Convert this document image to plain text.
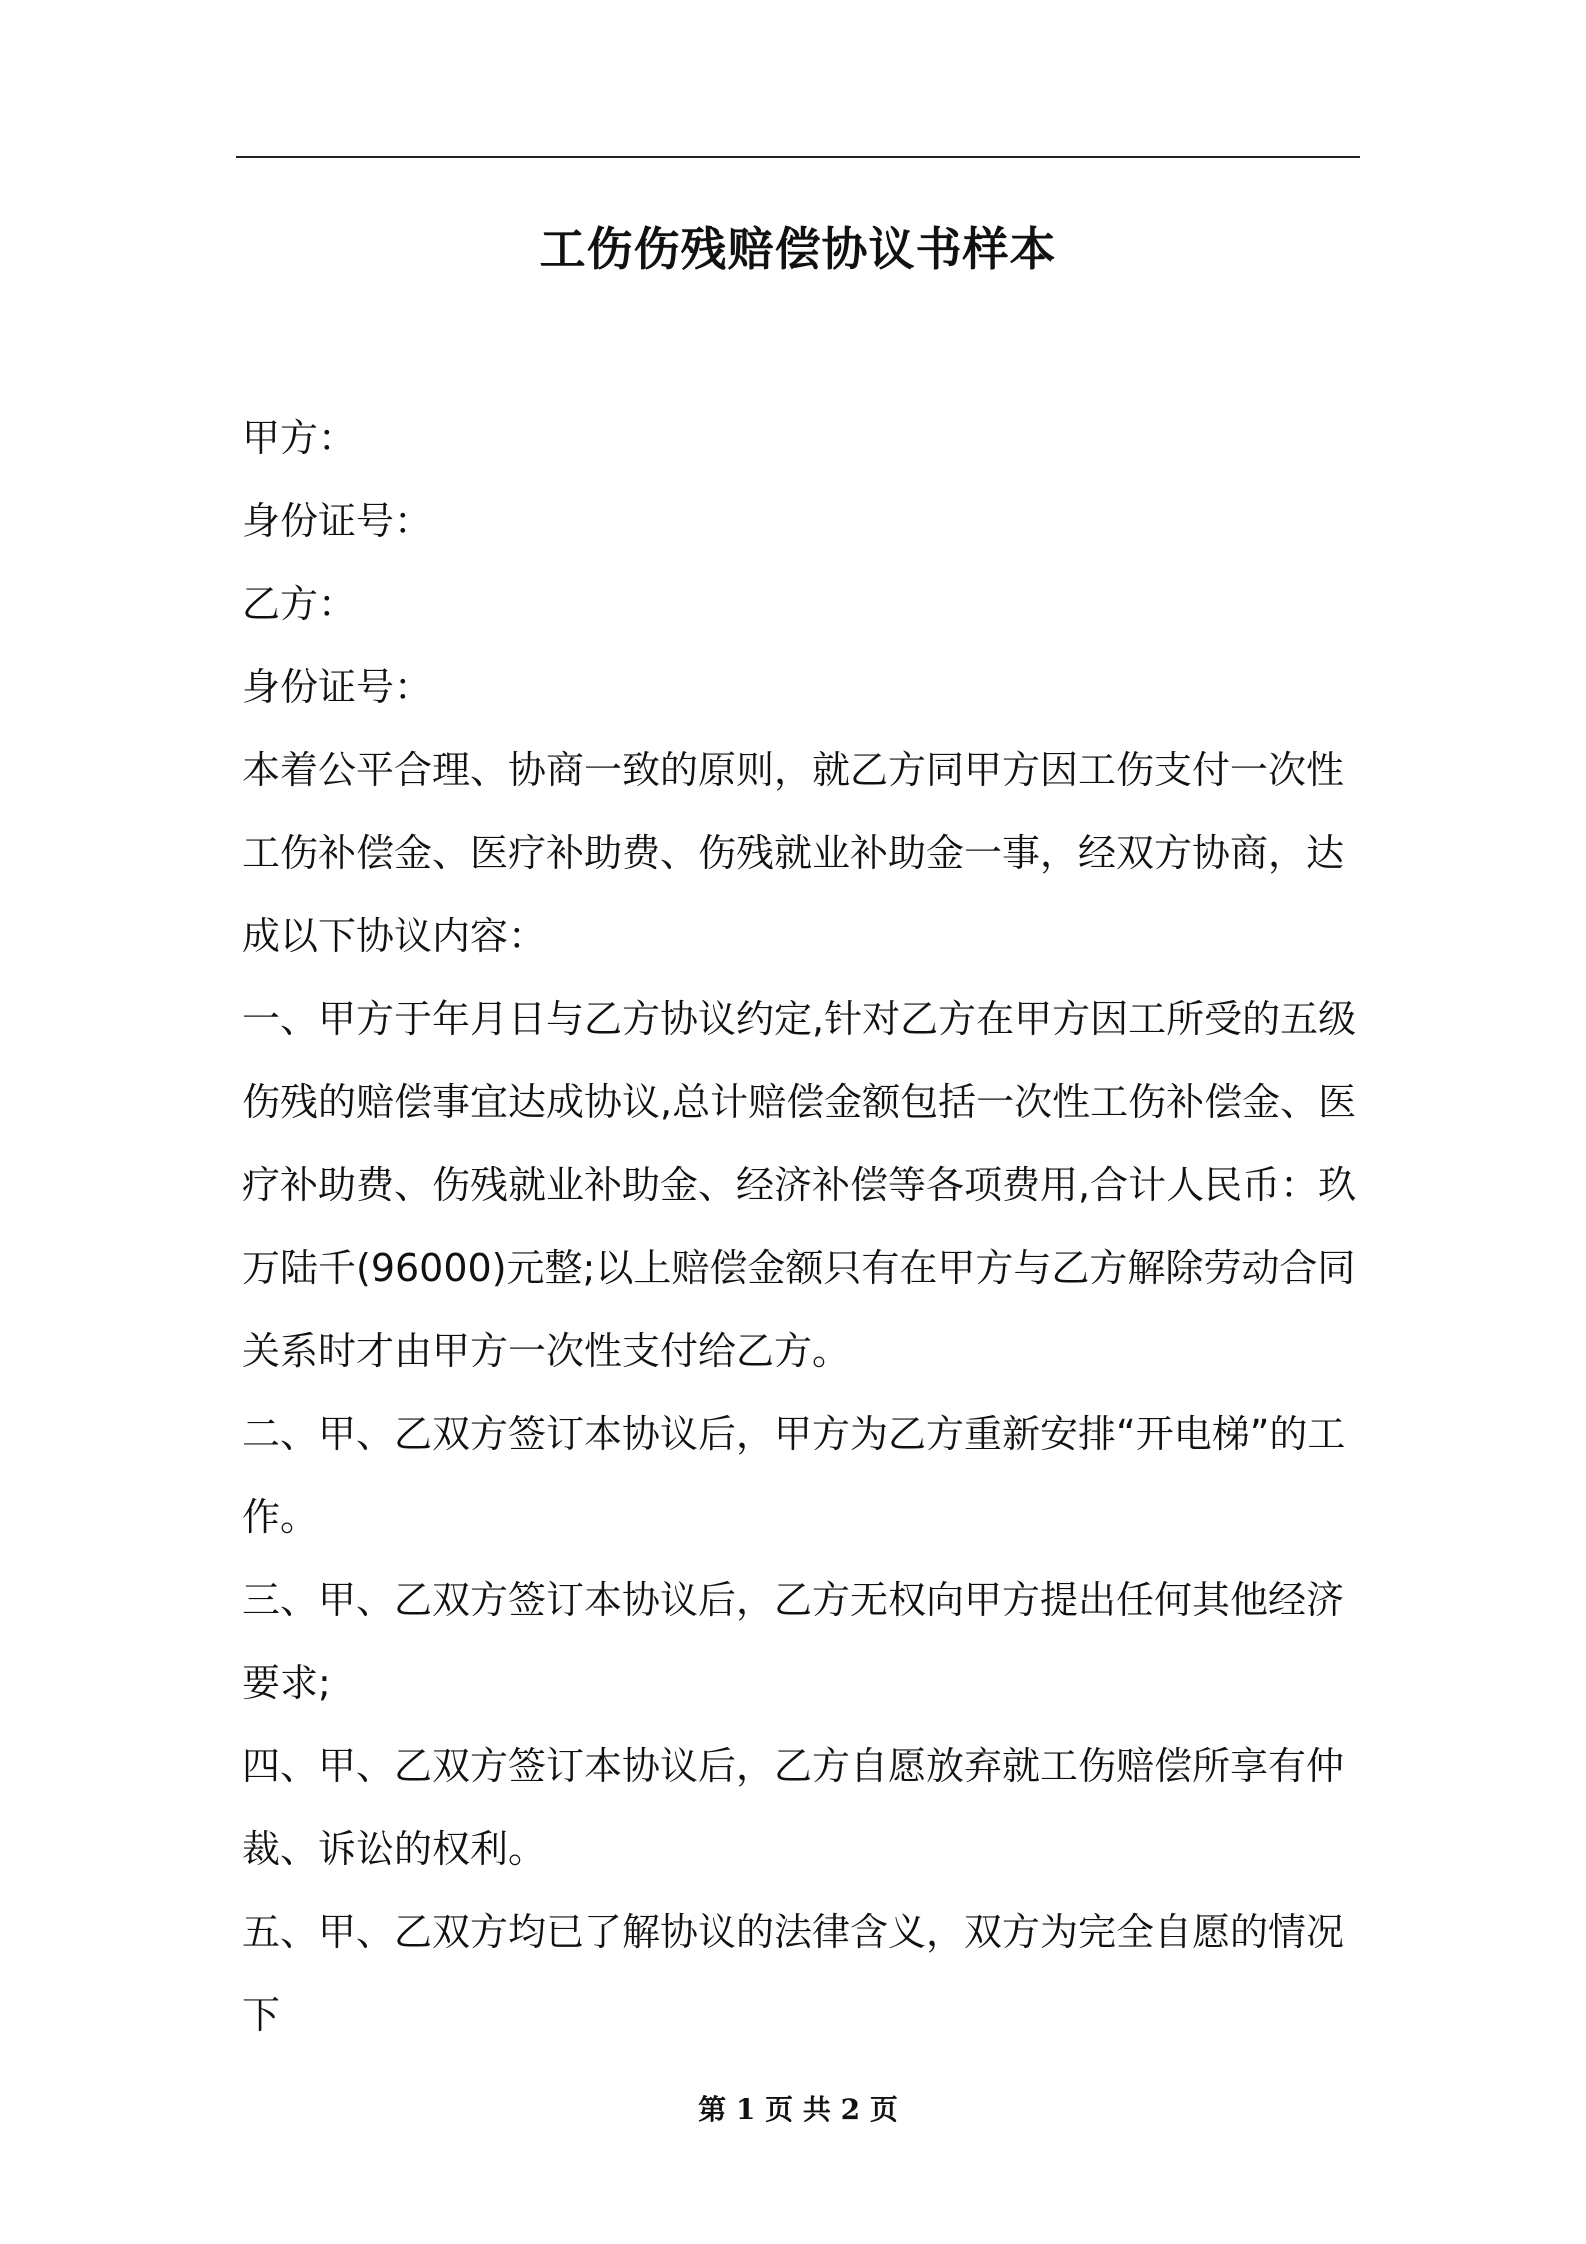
工伤伤残赔偿协议书样本

甲方：

身份证号：

乙方：

身份证号：

本着公平合理、协商一致的原则，就乙方同甲方因工伤支付一次性工伤补偿金、医疗补助费、伤残就业补助金一事，经双方协商，达成以下协议内容：

一、甲方于年月日与乙方协议约定,针对乙方在甲方因工所受的五级伤残的赔偿事宜达成协议,总计赔偿金额包括一次性工伤补偿金、医疗补助费、伤残就业补助金、经济补偿等各项费用,合计人民币：玖万陆千(96000)元整;以上赔偿金额只有在甲方与乙方解除劳动合同关系时才由甲方一次性支付给乙方。

二、甲、乙双方签订本协议后，甲方为乙方重新安排“开电梯”的工作。

三、甲、乙双方签订本协议后，乙方无权向甲方提出任何其他经济要求;

四、甲、乙双方签订本协议后，乙方自愿放弃就工伤赔偿所享有仲裁、诉讼的权利。

五、甲、乙双方均已了解协议的法律含义，双方为完全自愿的情况下

第 1 页 共 2 页
